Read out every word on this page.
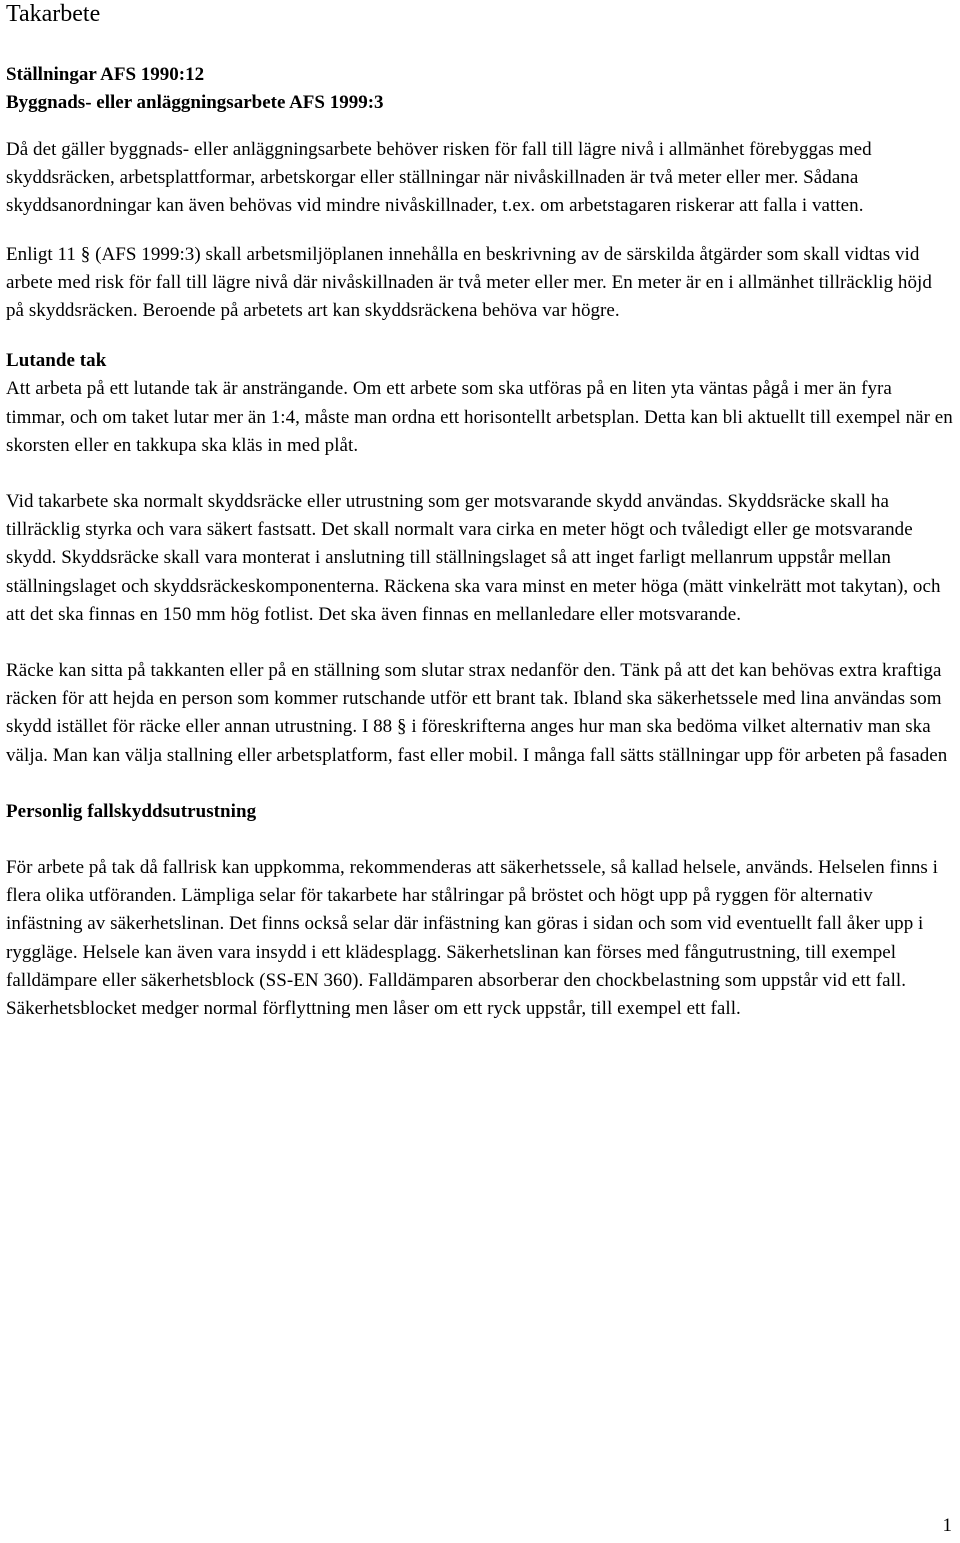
Takarbete
Ställningar AFS 1990:12
Byggnads- eller anläggningsarbete AFS 1999:3

Då det gäller byggnads- eller anläggningsarbete behöver risken för fall till lägre nivå i allmänhet förebyggas med skyddsräcken, arbetsplattformar, arbetskorgar eller ställningar när nivåskillnaden är två meter eller mer. Sådana skyddsanordningar kan även behövas vid mindre nivåskillnader, t.ex. om arbetstagaren riskerar att falla i vatten.

Enligt 11 § (AFS 1999:3) skall arbetsmiljöplanen innehålla en beskrivning av de särskilda åtgärder som skall vidtas vid arbete med risk för fall till lägre nivå där nivåskillnaden är två meter eller mer. En meter är en i allmänhet tillräcklig höjd på skyddsräcken. Beroende på arbetets art kan skyddsräckena behöva var högre.

Lutande tak

Att arbeta på ett lutande tak är ansträngande. Om ett arbete som ska utföras på en liten yta väntas pågå i mer än fyra timmar, och om taket lutar mer än 1:4, måste man ordna ett horisontellt arbetsplan. Detta kan bli aktuellt till exempel när en skorsten eller en takkupa ska kläs in med plåt.

Vid takarbete ska normalt skyddsräcke eller utrustning som ger motsvarande skydd användas. Skyddsräcke skall ha tillräcklig styrka och vara säkert fastsatt. Det skall normalt vara cirka en meter högt och tvåledigt eller ge motsvarande skydd. Skyddsräcke skall vara monterat i anslutning till ställningslaget så att inget farligt mellanrum uppstår mellan ställningslaget och skyddsräckeskomponenterna. Räckena ska vara minst en meter höga (mätt vinkelrätt mot takytan), och att det ska finnas en 150 mm hög fotlist. Det ska även finnas en mellanledare eller motsvarande.

Räcke kan sitta på takkanten eller på en ställning som slutar strax nedanför den. Tänk på att det kan behövas extra kraftiga räcken för att hejda en person som kommer rutschande utför ett brant tak. Ibland ska säkerhetssele med lina användas som skydd istället för räcke eller annan utrustning. I 88 § i föreskrifterna anges hur man ska bedöma vilket alternativ man ska välja. Man kan välja stallning eller arbetsplatform, fast eller mobil. I många fall sätts ställningar upp för arbeten på fasaden

Personlig fallskyddsutrustning

För arbete på tak då fallrisk kan uppkomma, rekommenderas att säkerhetssele, så kallad helsele, används. Helselen finns i flera olika utföranden. Lämpliga selar för takarbete har stålringar på bröstet och högt upp på ryggen för alternativ infästning av säkerhetslinan. Det finns också selar där infästning kan göras i sidan och som vid eventuellt fall åker upp i ryggläge. Helsele kan även vara insydd i ett klädesplagg. Säkerhetslinan kan förses med fångutrustning, till exempel falldämpare eller säkerhetsblock (SS-EN 360). Falldämparen absorberar den chockbelastning som uppstår vid ett fall. Säkerhetsblocket medger normal förflyttning men låser om ett ryck uppstår, till exempel ett fall.

1
